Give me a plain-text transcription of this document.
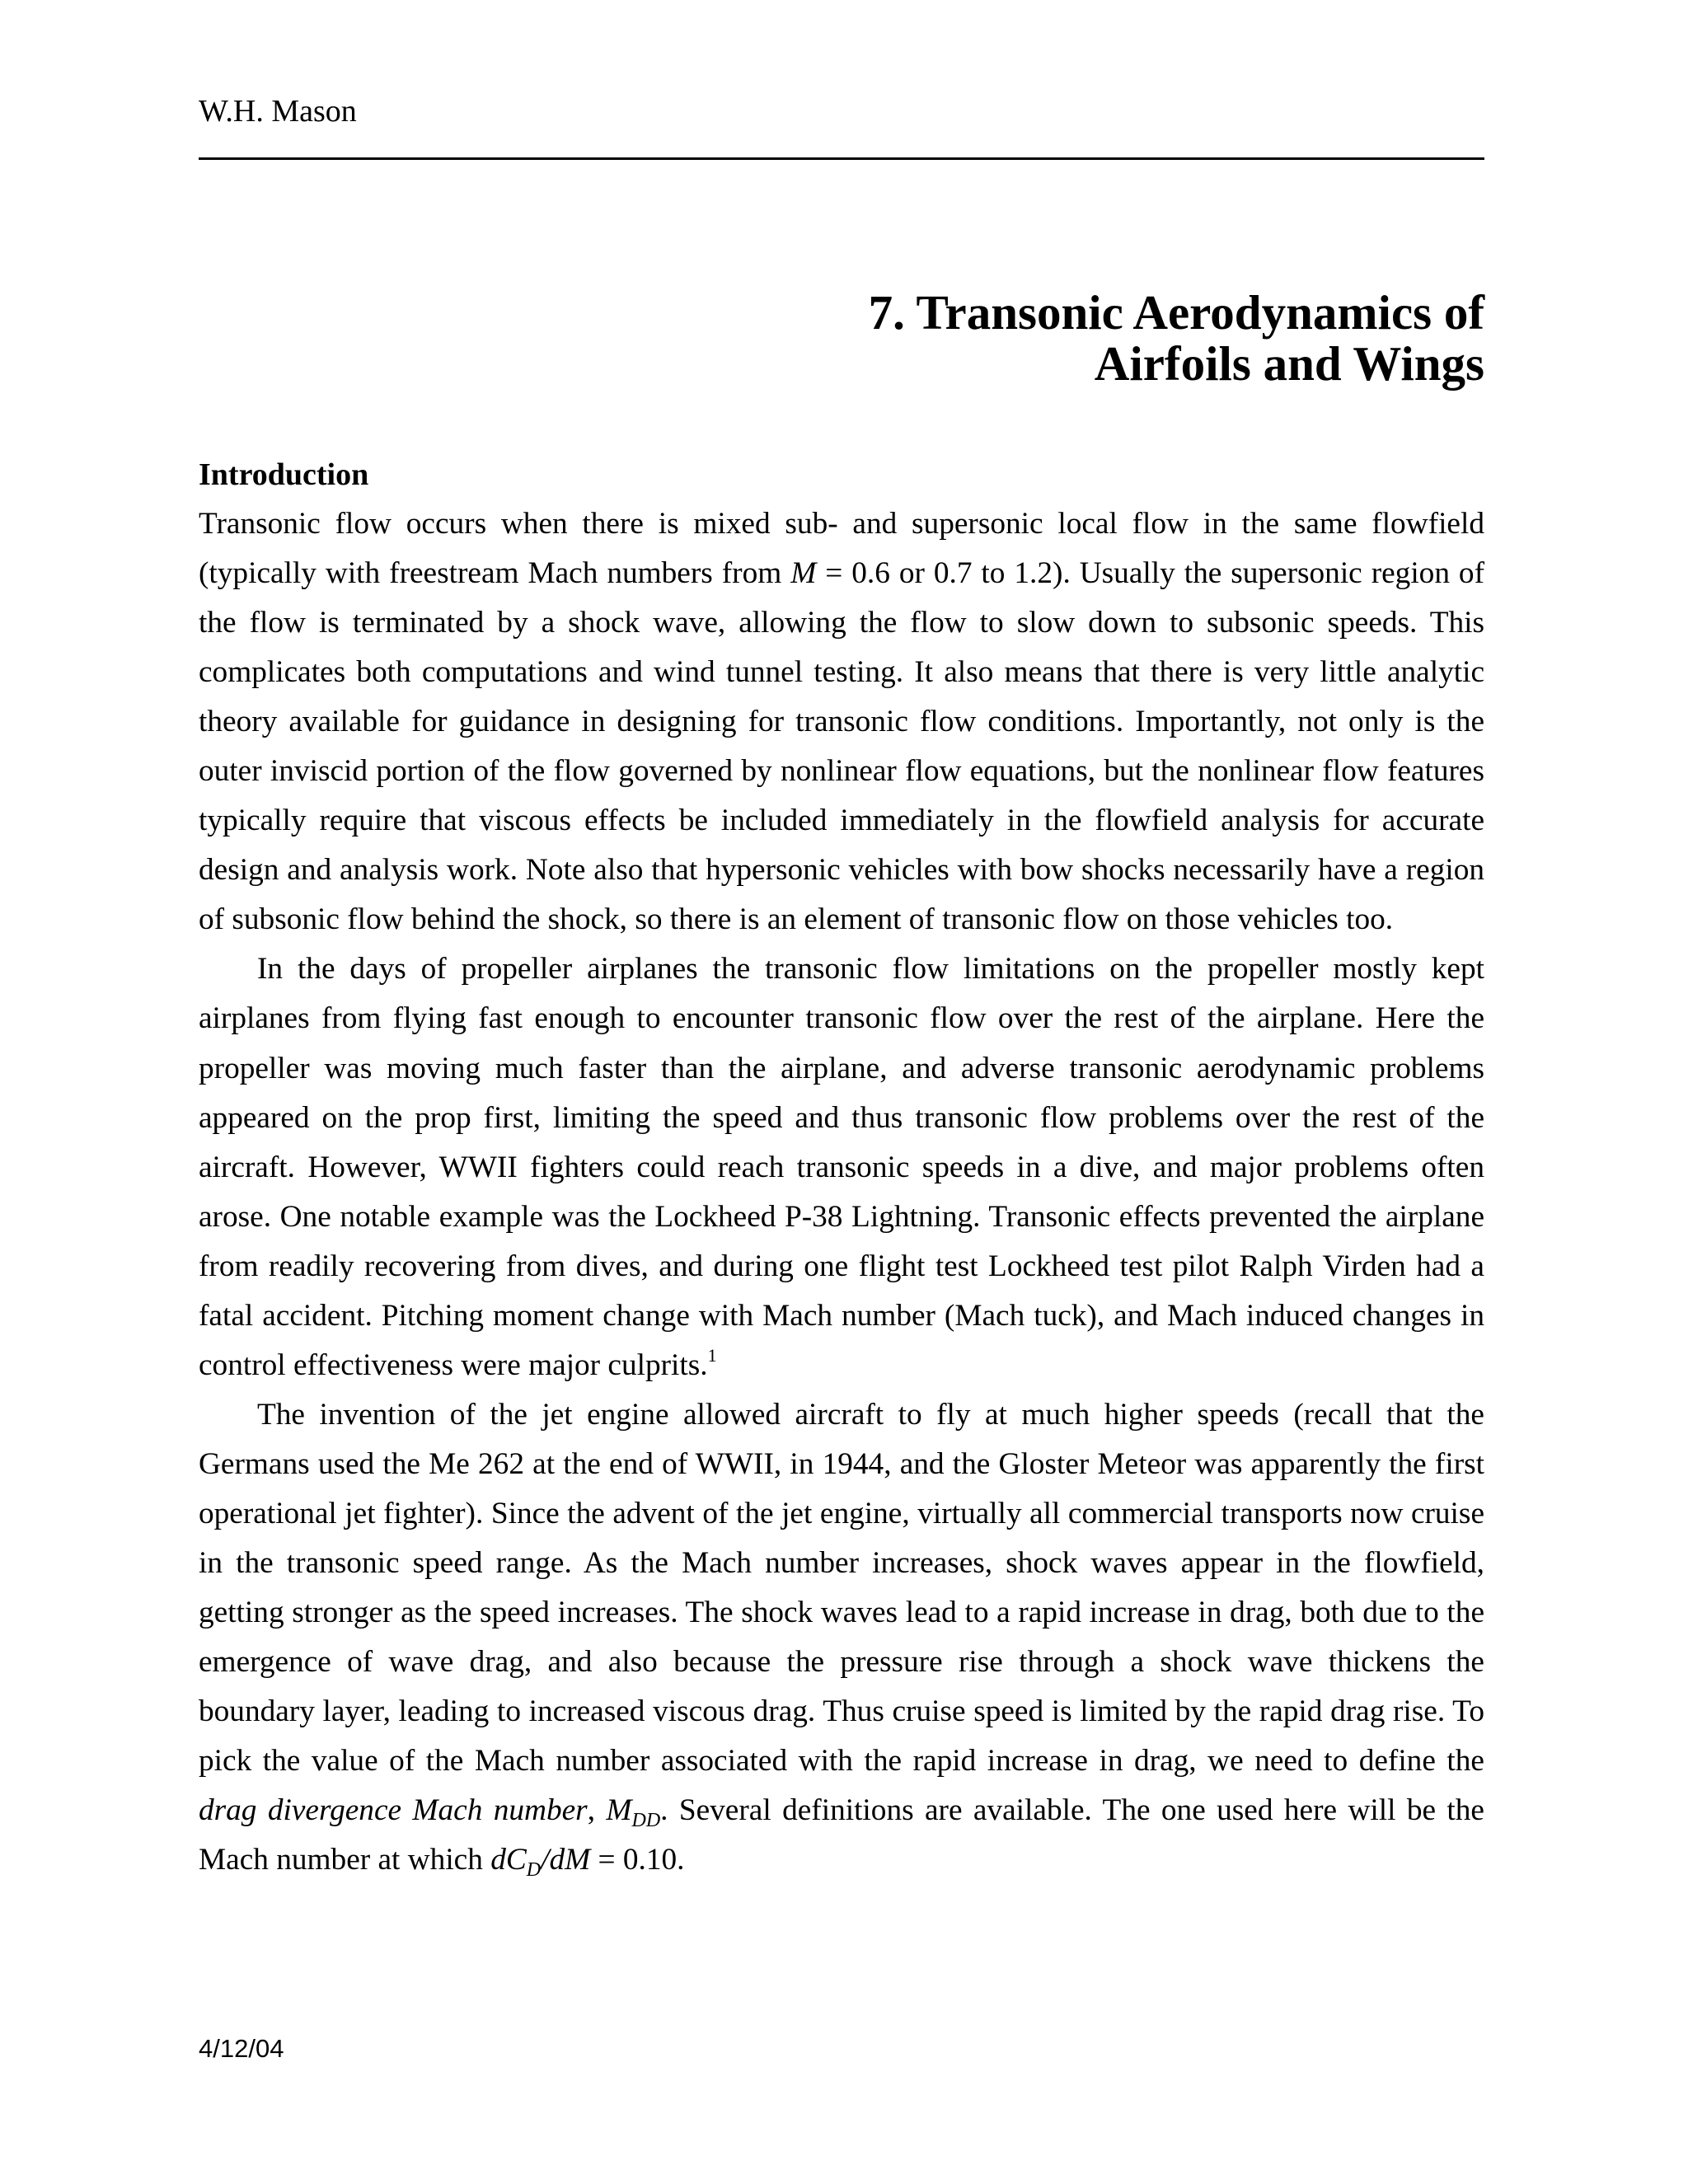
W.H. Mason
7. Transonic Aerodynamics of
Airfoils and Wings
Introduction

Transonic flow occurs when there is mixed sub- and supersonic local flow in the same flowfield (typically with freestream Mach numbers from M = 0.6 or 0.7 to 1.2). Usually the supersonic region of the flow is terminated by a shock wave, allowing the flow to slow down to subsonic speeds. This complicates both computations and wind tunnel testing. It also means that there is very little analytic theory available for guidance in designing for transonic flow conditions. Importantly, not only is the outer inviscid portion of the flow governed by nonlinear flow equations, but the nonlinear flow features typically require that viscous effects be included immediately in the flowfield analysis for accurate design and analysis work. Note also that hypersonic vehicles with bow shocks necessarily have a region of subsonic flow behind the shock, so there is an element of transonic flow on those vehicles too.

In the days of propeller airplanes the transonic flow limitations on the propeller mostly kept airplanes from flying fast enough to encounter transonic flow over the rest of the airplane. Here the propeller was moving much faster than the airplane, and adverse transonic aerodynamic problems appeared on the prop first, limiting the speed and thus transonic flow problems over the rest of the aircraft. However, WWII fighters could reach transonic speeds in a dive, and major problems often arose. One notable example was the Lockheed P-38 Lightning. Transonic effects prevented the airplane from readily recovering from dives, and during one flight test Lockheed test pilot Ralph Virden had a fatal accident. Pitching moment change with Mach number (Mach tuck), and Mach induced changes in control effectiveness were major culprits.$^1$

The invention of the jet engine allowed aircraft to fly at much higher speeds (recall that the Germans used the Me 262 at the end of WWII, in 1944, and the Gloster Meteor was apparently the first operational jet fighter). Since the advent of the jet engine, virtually all commercial transports now cruise in the transonic speed range. As the Mach number increases, shock waves appear in the flowfield, getting stronger as the speed increases. The shock waves lead to a rapid increase in drag, both due to the emergence of wave drag, and also because the pressure rise through a shock wave thickens the boundary layer, leading to increased viscous drag. Thus cruise speed is limited by the rapid drag rise. To pick the value of the Mach number associated with the rapid increase in drag, we need to define the drag divergence Mach number, $M_{DD}$. Several definitions are available. The one used here will be the Mach number at which $dC_D/dM = 0.10$.

4/12/04
